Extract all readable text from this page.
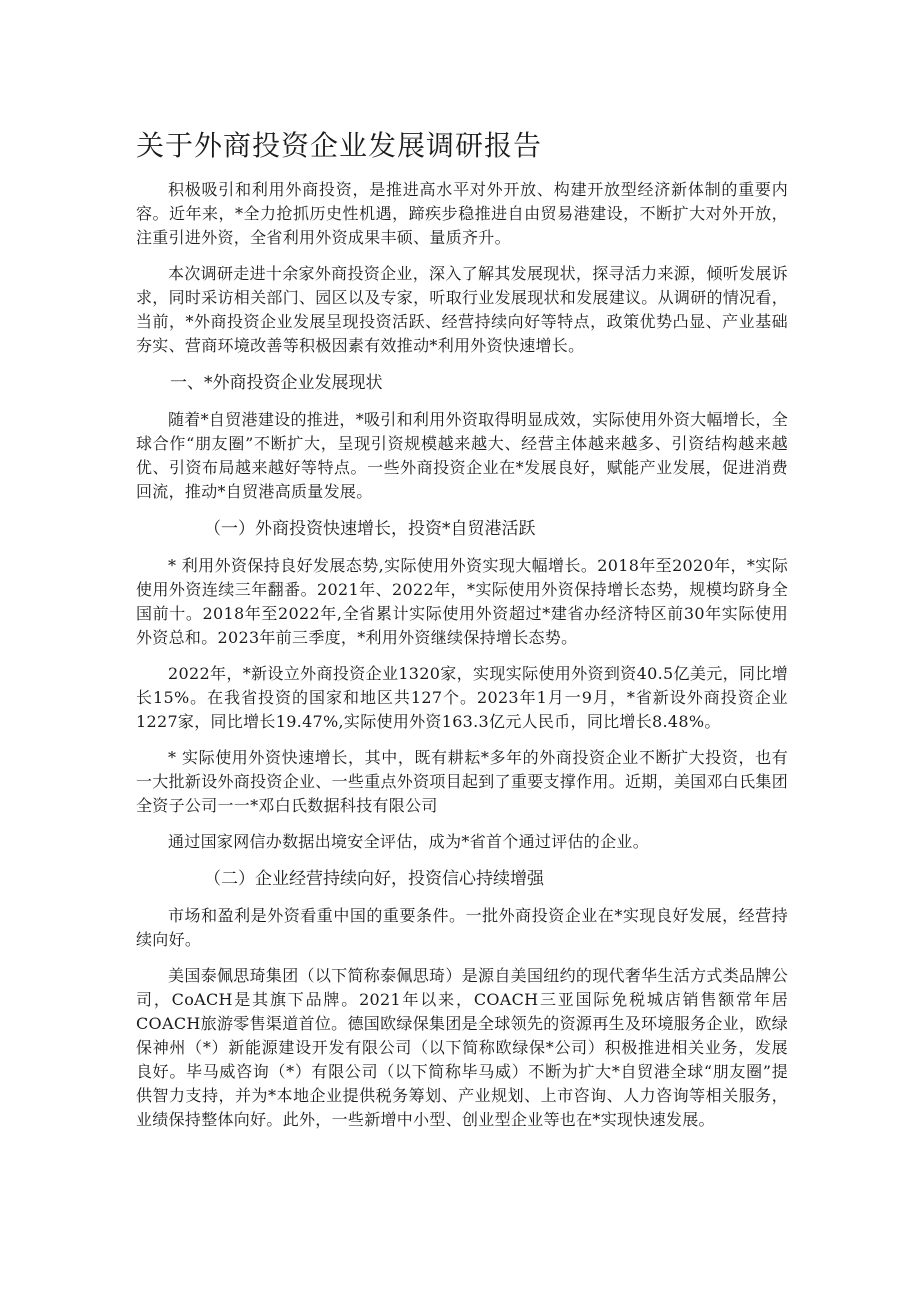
关于外商投资企业发展调研报告

积极吸引和利用外商投资，是推进高水平对外开放、构建开放型经济新体制的重要内容。近年来，*全力抢抓历史性机遇，蹄疾步稳推进自由贸易港建设，不断扩大对外开放，注重引进外资，全省利用外资成果丰硕、量质齐升。

本次调研走进十余家外商投资企业，深入了解其发展现状，探寻活力来源，倾听发展诉求，同时采访相关部门、园区以及专家，听取行业发展现状和发展建议。从调研的情况看，当前，*外商投资企业发展呈现投资活跃、经营持续向好等特点，政策优势凸显、产业基础夯实、营商环境改善等积极因素有效推动*利用外资快速增长。

一、*外商投资企业发展现状

随着*自贸港建设的推进，*吸引和利用外资取得明显成效，实际使用外资大幅增长，全球合作“朋友圈”不断扩大，呈现引资规模越来越大、经营主体越来越多、引资结构越来越优、引资布局越来越好等特点。一些外商投资企业在*发展良好，赋能产业发展，促进消费回流，推动*自贸港高质量发展。

（一）外商投资快速增长，投资*自贸港活跃

* 利用外资保持良好发展态势,实际使用外资实现大幅增长。2018年至2020年，*实际使用外资连续三年翻番。2021年、2022年，*实际使用外资保持增长态势，规模均跻身全国前十。2018年至2022年,全省累计实际使用外资超过*建省办经济特区前30年实际使用外资总和。2023年前三季度，*利用外资继续保持增长态势。

2022年，*新设立外商投资企业1320家，实现实际使用外资到资40.5亿美元，同比增长15%。在我省投资的国家和地区共127个。2023年1月一9月，*省新设外商投资企业1227家，同比增长19.47%,实际使用外资163.3亿元人民币，同比增长8.48%。

* 实际使用外资快速增长，其中，既有耕耘*多年的外商投资企业不断扩大投资，也有一大批新设外商投资企业、一些重点外资项目起到了重要支撑作用。近期，美国邓白氏集团全资子公司一一*邓白氏数据科技有限公司

通过国家网信办数据出境安全评估，成为*省首个通过评估的企业。

（二）企业经营持续向好，投资信心持续增强

市场和盈利是外资看重中国的重要条件。一批外商投资企业在*实现良好发展，经营持续向好。

美国泰佩思琦集团（以下简称泰佩思琦）是源自美国纽约的现代奢华生活方式类品牌公司，CoACH是其旗下品牌。2021年以来，COACH三亚国际免税城店销售额常年居COACH旅游零售渠道首位。德国欧绿保集团是全球领先的资源再生及环境服务企业，欧绿保神州（*）新能源建设开发有限公司（以下简称欧绿保*公司）积极推进相关业务，发展良好。毕马威咨询（*）有限公司（以下简称毕马威）不断为扩大*自贸港全球“朋友圈”提供智力支持，并为*本地企业提供税务筹划、产业规划、上市咨询、人力咨询等相关服务，业绩保持整体向好。此外，一些新增中小型、创业型企业等也在*实现快速发展。
